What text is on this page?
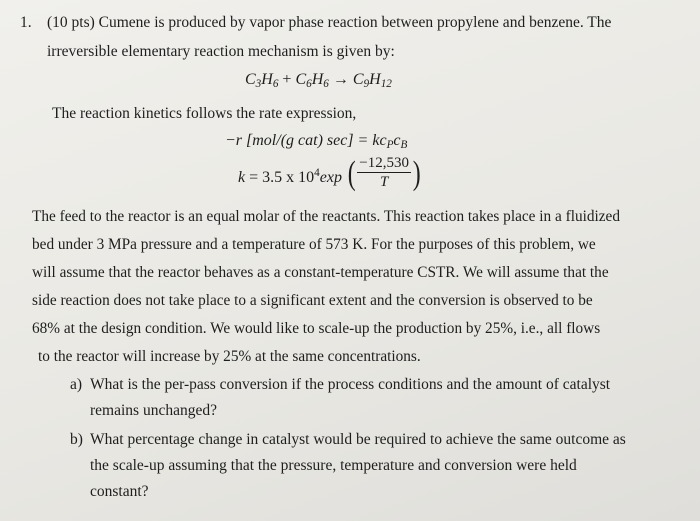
1. (10 pts) Cumene is produced by vapor phase reaction between propylene and benzene. The
irreversible elementary reaction mechanism is given by:
$C_3H_6 + C_6H_6 \to C_9H_{12}$
The reaction kinetics follows the rate expression,
−r [mol/(g cat) sec] = kcPcB
k = 3.5 x $10^4\exp$ ( $\frac{-12,530}{T}$ )
The feed to the reactor is an equal molar of the reactants. This reaction takes place in a fluidized
bed under 3 MPa pressure and a temperature of 573 K. For the purposes of this problem, we
will assume that the reactor behaves as a constant-temperature CSTR. We will assume that the
side reaction does not take place to a significant extent and the conversion is observed to be
68% at the design condition. We would like to scale-up the production by 25%, i.e., all flows
to the reactor will increase by 25% at the same concentrations.
a) What is the per-pass conversion if the process conditions and the amount of catalyst
remains unchanged?
b) What percentage change in catalyst would be required to achieve the same outcome as
the scale-up assuming that the pressure, temperature and conversion were held
constant?
